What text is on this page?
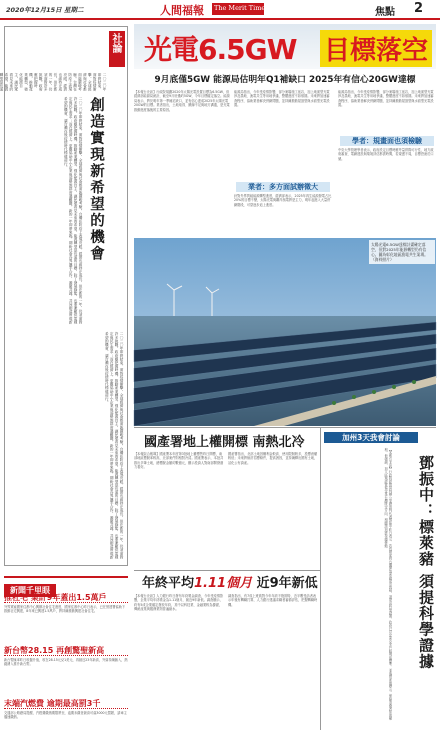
2020年12月15日 星期二	人間福報 The Merit Times	焦點 2
社論
創造實現新希望的機會
二〇二〇年即將結束，面對疫情衝擊，全球經濟與社會都面臨嚴峻考驗。台灣在防疫上表現亮眼，經濟也維持正成長，但在新的一年，仍須面對許多挑戰。政府應把握時機，推動產業轉型，強化能源自主，讓民眾看見未來的希望。能源轉型是長遠
二〇二〇年即將結束，面對疫情衝擊，全球經濟與社會都面臨嚴峻考驗。台灣在防疫上表現亮眼，經濟也維持正成長，但在新的一年，仍須面對許多挑戰。政府應把握時機，推動產業轉型，強化能源自主，讓民眾看見未來的希望。能源轉型是長遠的目標，除了發展綠能，也要兼顧供電穩定與民生需求；而在經濟上，更應協助中小企業與弱勢族群度過難關。新的一年即將來臨，期盼社會各界攜手合作，凝聚共識，共同創造實現新希望的機會，讓台灣在後疫情時代穩健前行。
二〇二〇年即將結束，面對疫情衝擊，全球經濟與社會都面臨嚴峻考驗。台灣在防疫上表現亮眼，經濟也維持正成長，但在新的一年，仍須面對許多挑戰。政府應把握時機，推動產業轉型，強化能源自主，讓民眾看見未來的希望。能源轉型是長遠的目標，除了發展綠能，也要兼顧供電穩定與民生需求；而在經濟上，更應協助中小企業與弱勢族群度過難關。新的一年即將來臨，期盼社會各界攜手合作，凝聚共識，共同創造實現新希望的機會，讓台灣在後疫情時代穩健前行。
新聞千里眼
推社宅 業計9年蓋出1.5萬戶
外界質疑國家住都中心興辦社會住宅進度，國家住都中心昨日表示，已在營建署協助下推動社宅興建，8年來已興建1.5萬戶，將持續推動興建社會住宅。
新台幣28.15 再創驚聖新高
新台幣匯率昨日收盤升值，收在28.15元兌1美元，再創近23年新高，外資持續匯入，熱錢湧入推升新台幣。
末端汽燃費 逾期最高罰3千
交通部公路總局提醒，汽燃費繳納期限將至，逾期未繳者最高可處3000元罰鍰，請車主儘速繳納。
光電6.5GW 目標落空
9月底僅5GW 能源局估明年Q1補缺口 2025年有信心20GW達標
【本報台北訊】行政院規劃2020年太陽光電設置目標為6.5GW，但經濟部能源局統計，截至9月底僅約5GW，今年目標確定落空。能源局表示，將於明年第一季補足缺口，並有信心達成2025年太陽光電20GW的目標。業者指出，土地取得、饋線不足與地方溝通，是光電推動進度落後的主要原因。
能源局指出，今年受疫情影響，部分案場施工延宕，加上地面型光電涉及農地、漁電共生等用地爭議，整體進度不如預期。未來將加速審查程序，協助業者解決併網問題，並持續推動屋頂型與水面型光電設置。
業者：多方面試辦徵大
針對外界質疑能源轉型進度，經濟部表示，2025年再生能源發電占比20%的目標不變，太陽光電與離岸風電將是主力，明年起進入大量併網階段，可望逐步追上進度。
能源局指出，今年受疫情影響，部分案場施工延宕，加上地面型光電涉及農地、漁電共生等用地爭議，整體進度不如預期。未來將加速審查程序，協助業者解決併網問題，並持續推動屋頂型與水面型光電設置。
學者：規畫面也須檢驗
中央大學管理學者表示，政府設定目標時應考量實際可行性，地方政府審查、電網建設與環境評估都需時間，若規畫不周，目標恐流於口號。
太陽光電6.5GW達標計畫確定落空，但對2025年能源轉型仍有信心。圖為彰化地區漁電共生案場。（資料照片）
國產署地上權開標 南熱北冷
【本報綜合報導】國產署本年度第3批地上權標售昨日開標，南部地區標脫率較高，北部案件則相對冷清。國產署表示，本批共推出多筆土地，總標脫金額約數億元，顯示投資人對南部開發潛力看好。
國產署指出，北部土地因權利金較高、使用限制較多，投標意願較低；未來將檢討招標條件，提高誘因，並持續釋出國有土地，活化公有資產。
加州3天我會討論
鄧振中：標萊豬 須提科學證據
【本報台北訊】行政院經貿談判辦公室總談判代表鄧振中昨日表示，若有國家對台灣開放萊豬提出質疑，須提出科學證據。政府已訂定萊克多巴胺殘留標準，並落實產地標示，保障消費者知的權利。他強調，加入區域經貿協定是台灣既定方向，相關談判將持續推動。
年終平均1.11個月 近9年新低
【本報台北訊】人力銀行昨日發布年終獎金調查，今年受疫情影響，企業平均年終獎金為1.11個月，創近9年新低。調查顯示，約有5成企業確定發放年終，其中以科技業、金融業較為優渥，傳統產業與服務業則普遍縮水。
調查指出，有7成上班族對今年年終不抱期待，近半數受訪者表示年後有轉職打算，人力銀行建議求職者審慎評估，把握轉職時機。
